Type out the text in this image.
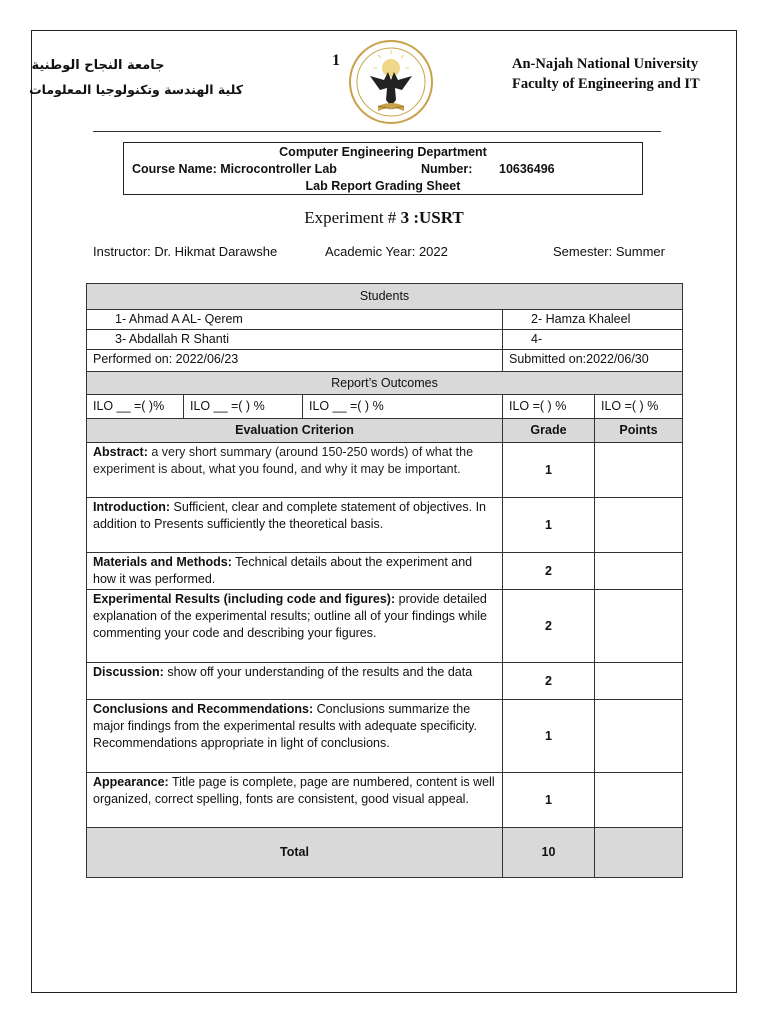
جامعة النجاح الوطنية
كلية الهندسة وتكنولوجيا المعلومات
1	An-Najah National University
Faculty of Engineering and IT
Computer Engineering Department
Course Name: Microcontroller Lab	Number: 10636496
Lab Report Grading Sheet
Experiment # 3 :USRT
Instructor: Dr. Hikmat Darawshe	Academic Year: 2022	Semester: Summer
Students				
1- Ahmad A AL- Qerem			2- Hamza Khaleel	
3- Abdallah R Shanti			4-	
Performed on: 2022/06/23			Submitted on:2022/06/30	
Report’s Outcomes				
ILO __ =( )%	ILO __ =( ) %	ILO __ =( ) %	ILO =( ) %	ILO =( ) %
Evaluation Criterion			Grade	Points
Abstract: a very short summary (around 150-250 words) of what the experiment is about, what you found, and why it may be important.			1	
Introduction: Sufficient, clear and complete statement of objectives. In addition to Presents sufficiently the theoretical basis.			1	
Materials and Methods: Technical details about the experiment and how it was performed.			2	
Experimental Results (including code and figures): provide detailed explanation of the experimental results; outline all of your findings while commenting your code and describing your figures.			2	
Discussion: show off your understanding of the results and the data			2	
Conclusions and Recommendations: Conclusions summarize the major findings from the experimental results with adequate specificity. Recommendations appropriate in light of conclusions.			1	
Appearance: Title page is complete, page are numbered, content is well organized, correct spelling, fonts are consistent, good visual appeal.			1	
Total			10	
